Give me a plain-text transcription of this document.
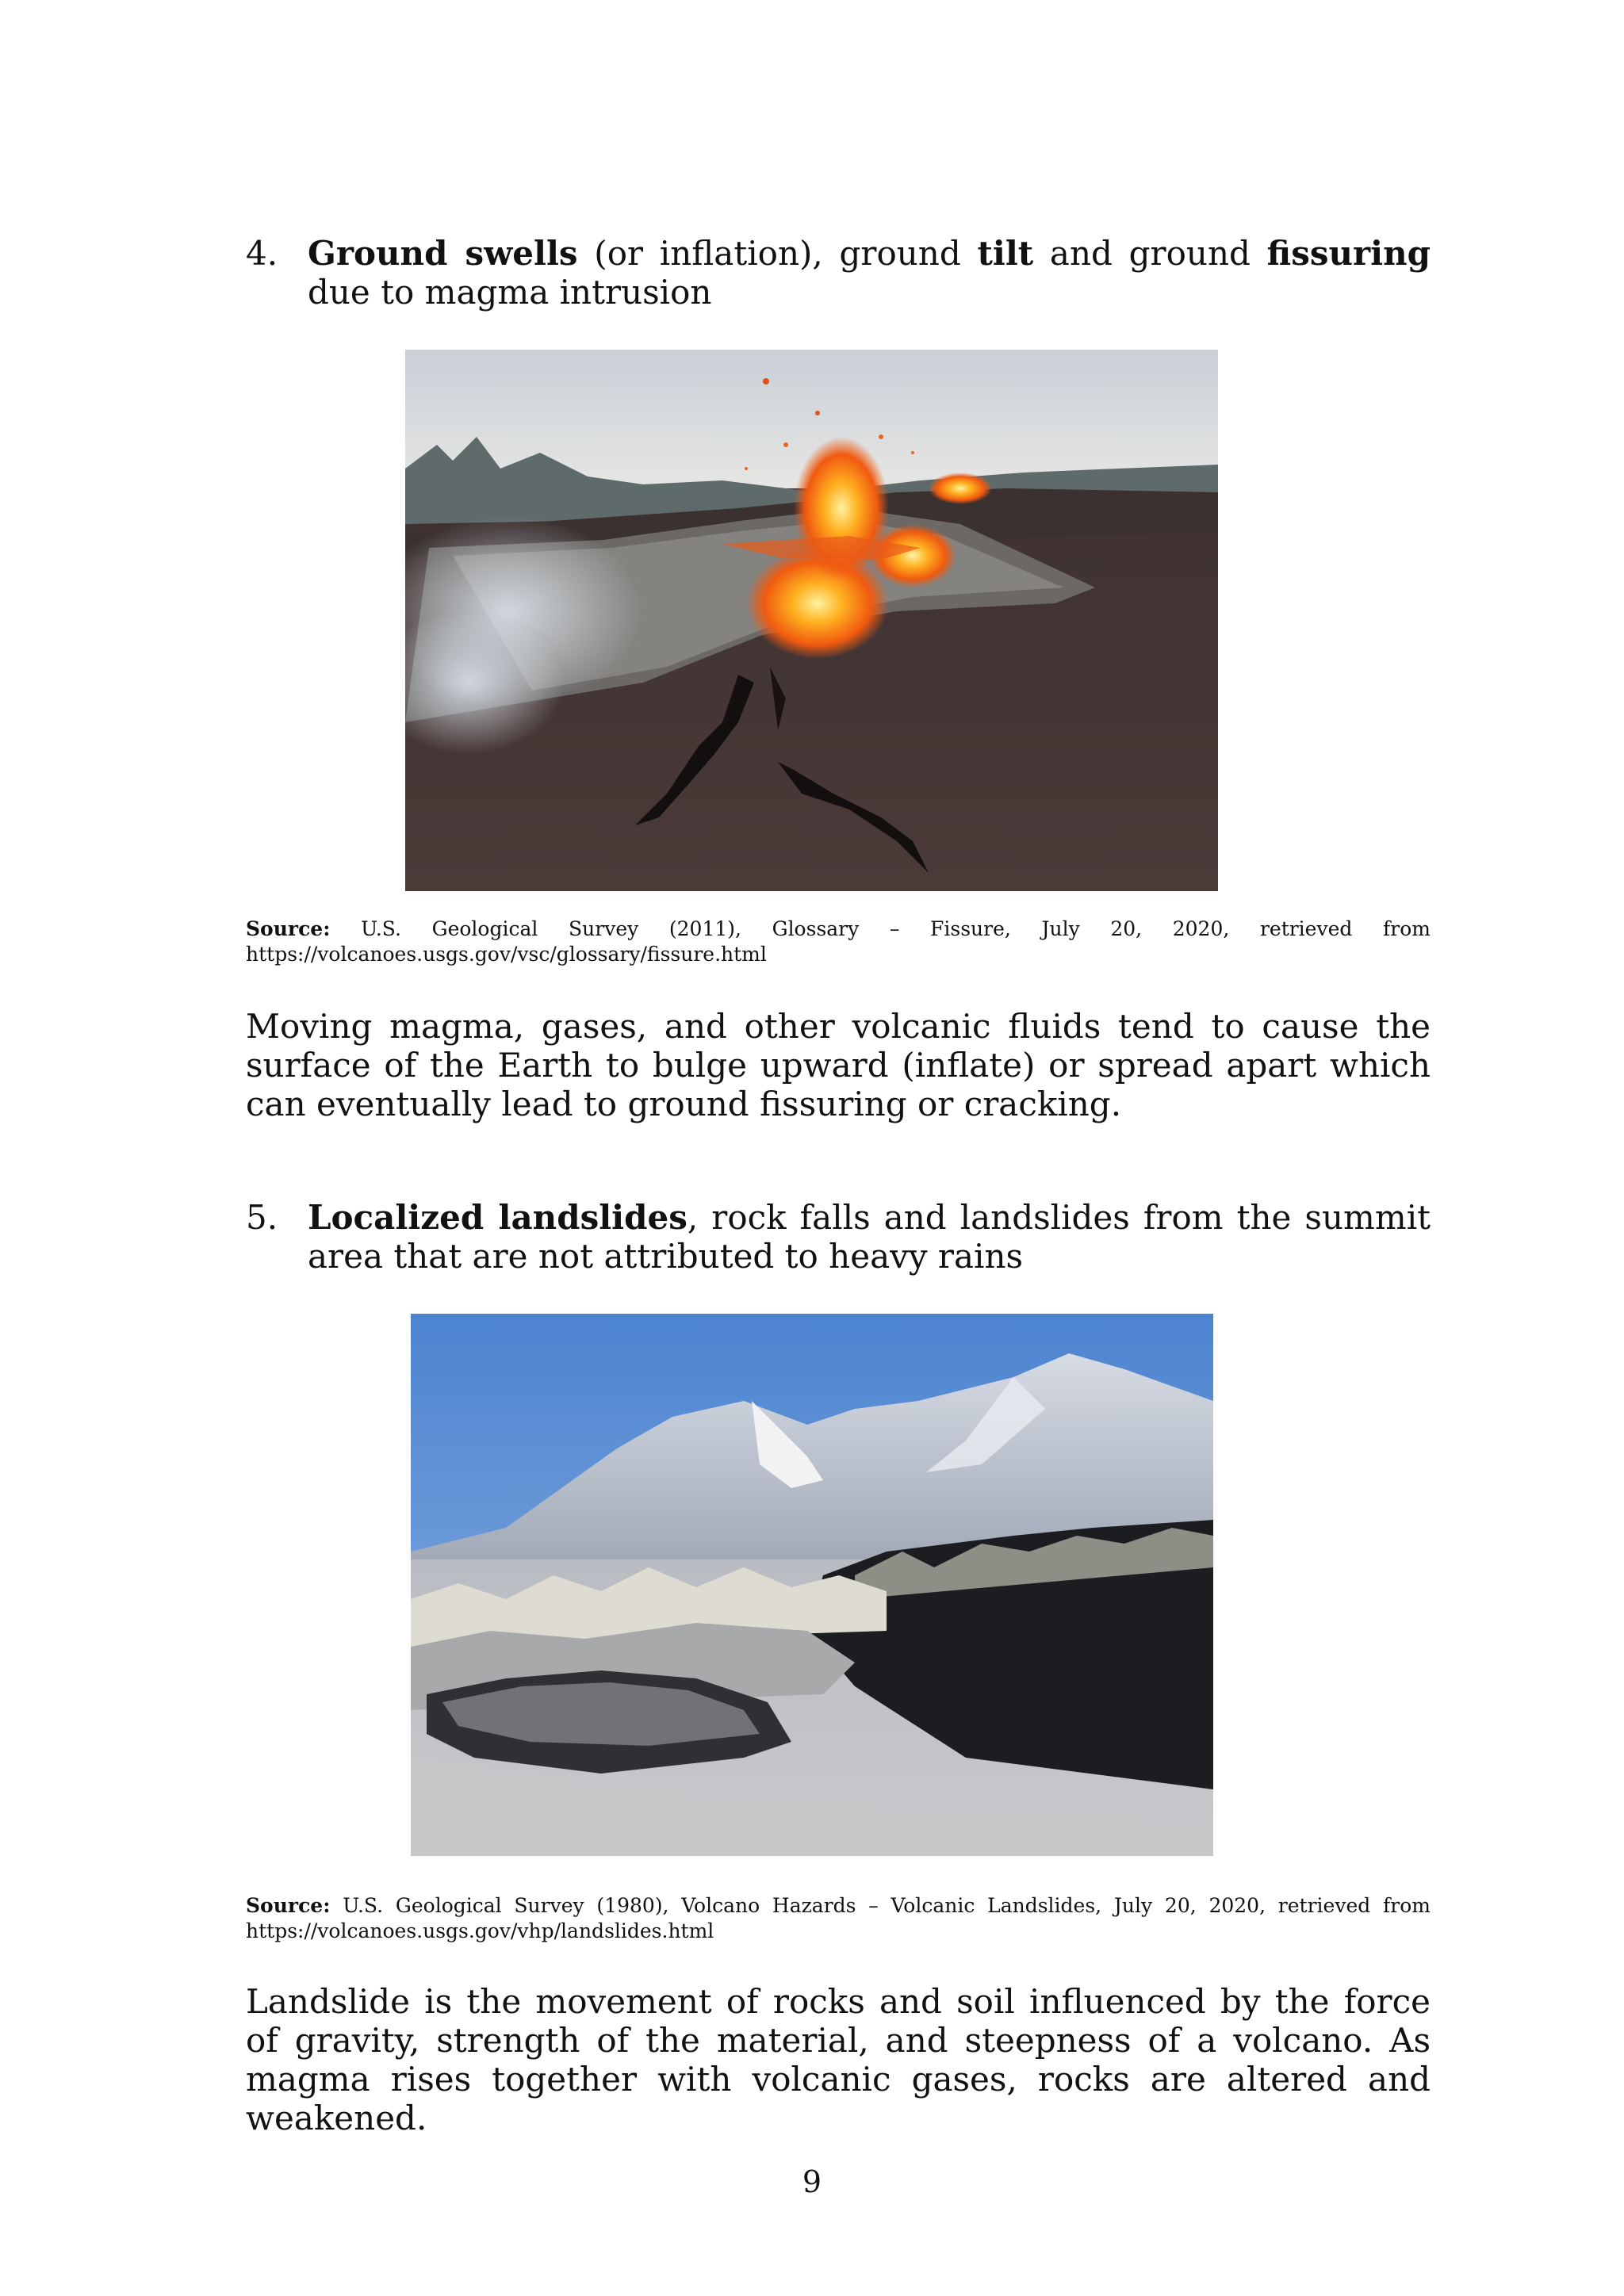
4. Ground swells (or inflation), ground tilt and ground fissuring due to magma intrusion
Source: U.S. Geological Survey (2011), Glossary – Fissure, July 20, 2020, retrieved from
https://volcanoes.usgs.gov/vsc/glossary/fissure.html
Moving magma, gases, and other volcanic fluids tend to cause the surface of the Earth to bulge upward (inflate) or spread apart which can eventually lead to ground fissuring or cracking.
5. Localized landslides, rock falls and landslides from the summit area that are not attributed to heavy rains
Source: U.S. Geological Survey (1980), Volcano Hazards – Volcanic Landslides, July 20, 2020, retrieved from
https://volcanoes.usgs.gov/vhp/landslides.html
Landslide is the movement of rocks and soil influenced by the force of gravity, strength of the material, and steepness of a volcano. As magma rises together with volcanic gases, rocks are altered and weakened.
9
